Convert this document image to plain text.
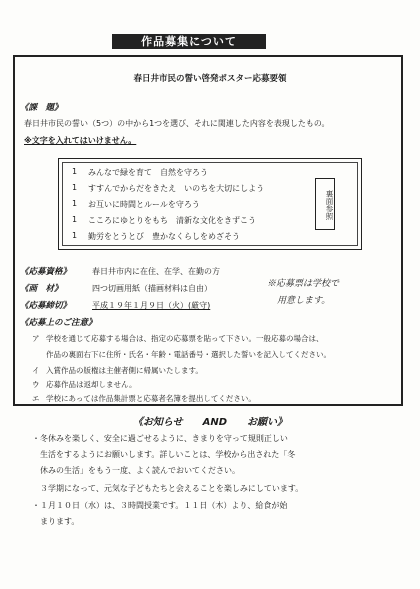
作品募集について
春日井市民の誓い啓発ポスター応募要領
《課　題》
春日井市民の誓い（5つ）の中から1つを選び、それに関連した内容を表現したもの。
※文字を入れてはいけません。
1 みんなで緑を育て　自然を守ろう
1 すすんでからだをきたえ　いのちを大切にしよう
1 お互いに時間とルールを守ろう
1 こころにゆとりをもち　清新な文化をきずこう
1 勤労をとうとび　豊かなくらしをめざそう
裏面参照
《応募資格》	春日井市内に在住、在学、在勤の方
《画　材》	四つ切画用紙（描画材料は自由）
《応募締切》	平成１９年１月９日（火）(厳守)
※応募票は学校で
用意します。
《応募上のご注意》
ア 学校を通じて応募する場合は、指定の応募票を貼って下さい。一般応募の場合は、
作品の裏面右下に住所・氏名・年齢・電話番号・選択した誓いを記入してください。
イ 入賞作品の版権は主催者側に帰属いたします。
ウ 応募作品は返却しません。
エ 学校にあっては作品集計票と応募者名簿を提出してください。
《お知らせ　　AND　　お願い》
・冬休みを楽しく、安全に過ごせるように、きまりを守って規則正しい
　生活をするようにお願いします。詳しいことは、学校から出された「冬
　休みの生活」をもう一度、よく読んでおいてください。
　３学期になって、元気な子どもたちと会えることを楽しみにしています。
・１月１０日（水）は、３時間授業です。１１日（木）より、給食が始
　まります。
